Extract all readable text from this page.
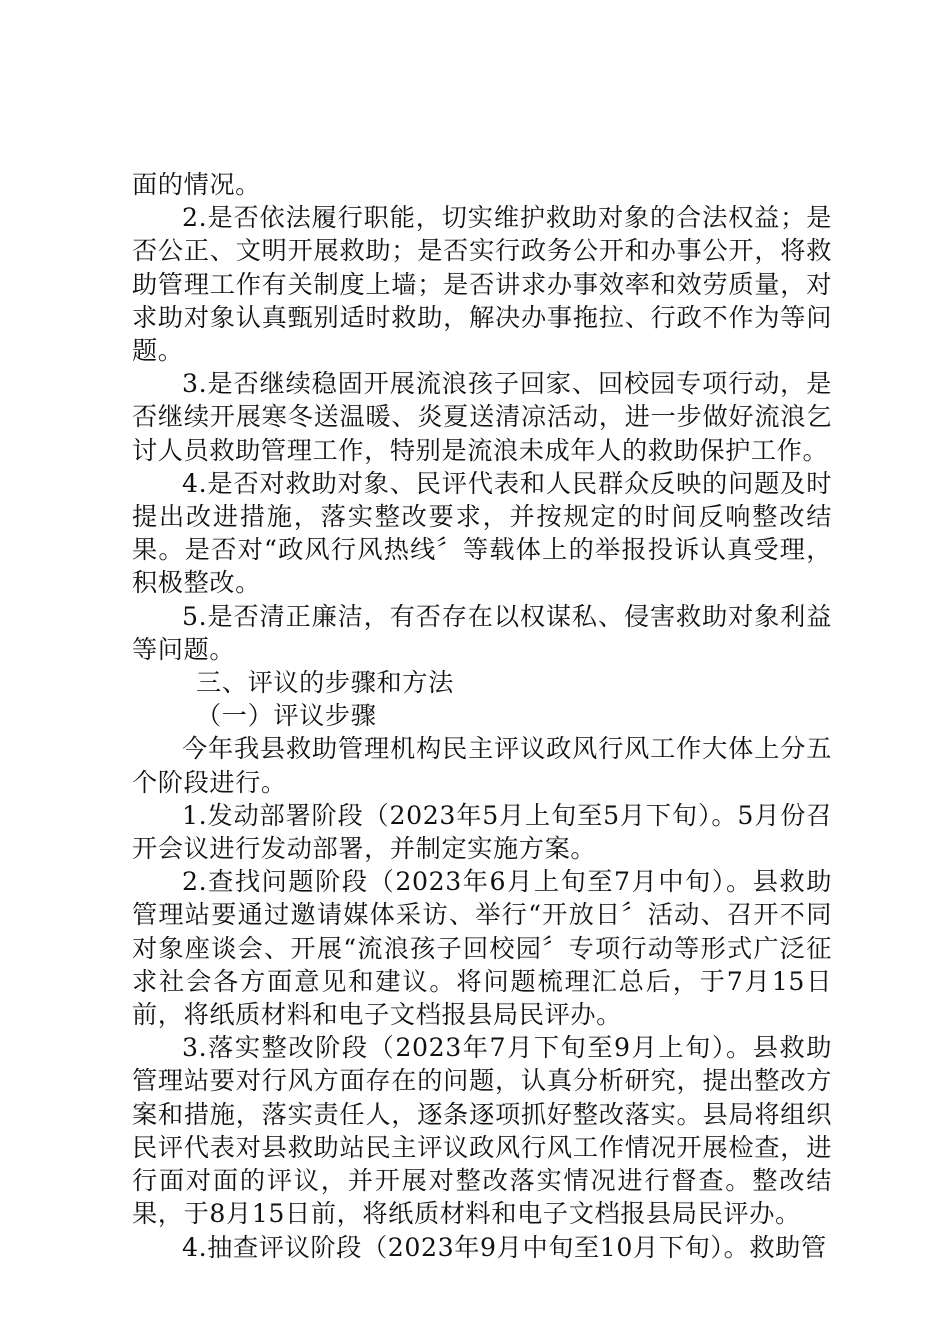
面的情况。

2.是否依法履行职能，切实维护救助对象的合法权益；是否公正、文明开展救助；是否实行政务公开和办事公开，将救助管理工作有关制度上墙；是否讲求办事效率和效劳质量，对求助对象认真甄别适时救助，解决办事拖拉、行政不作为等问题。

3.是否继续稳固开展流浪孩子回家、回校园专项行动，是否继续开展寒冬送温暖、炎夏送清凉活动，进一步做好流浪乞讨人员救助管理工作，特别是流浪未成年人的救助保护工作。

4.是否对救助对象、民评代表和人民群众反映的问题及时提出改进措施，落实整改要求，并按规定的时间反响整改结果。是否对“政风行风热线〞等载体上的举报投诉认真受理，积极整改。

5.是否清正廉洁，有否存在以权谋私、侵害救助对象利益等问题。

三、评议的步骤和方法

（一）评议步骤

今年我县救助管理机构民主评议政风行风工作大体上分五个阶段进行。

1.发动部署阶段（2023年5月上旬至5月下旬）。5月份召开会议进行发动部署，并制定实施方案。

2.查找问题阶段（2023年6月上旬至7月中旬）。县救助管理站要通过邀请媒体采访、举行“开放日〞活动、召开不同对象座谈会、开展“流浪孩子回校园〞专项行动等形式广泛征求社会各方面意见和建议。将问题梳理汇总后，于7月15日前，将纸质材料和电子文档报县局民评办。

3.落实整改阶段（2023年7月下旬至9月上旬）。县救助管理站要对行风方面存在的问题，认真分析研究，提出整改方案和措施，落实责任人，逐条逐项抓好整改落实。县局将组织民评代表对县救助站民主评议政风行风工作情况开展检查，进行面对面的评议，并开展对整改落实情况进行督查。整改结果，于8月15日前，将纸质材料和电子文档报县局民评办。

4.抽查评议阶段（2023年9月中旬至10月下旬）。救助管
